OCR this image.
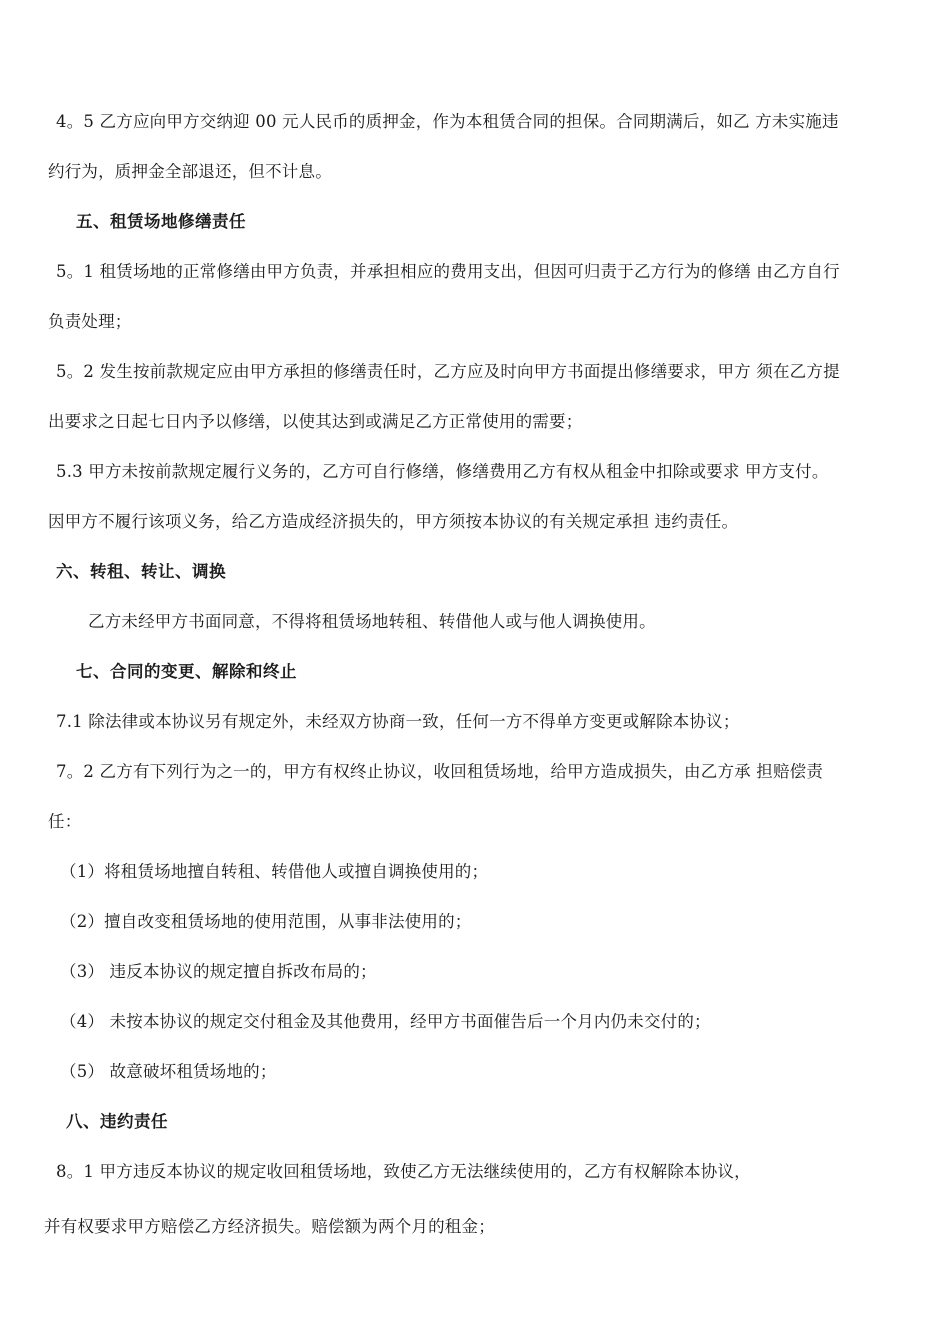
4。5 乙方应向甲方交纳迎 00 元人民币的质押金，作为本租赁合同的担保。合同期满后，如乙 方未实施违
约行为，质押金全部退还，但不计息。
五、租赁场地修缮责任
5。1 租赁场地的正常修缮由甲方负责，并承担相应的费用支出，但因可归责于乙方行为的修缮 由乙方自行
负责处理；
5。2 发生按前款规定应由甲方承担的修缮责任时，乙方应及时向甲方书面提出修缮要求，甲方 须在乙方提
出要求之日起七日内予以修缮，以使其达到或满足乙方正常使用的需要；
5.3 甲方未按前款规定履行义务的，乙方可自行修缮，修缮费用乙方有权从租金中扣除或要求 甲方支付。
因甲方不履行该项义务，给乙方造成经济损失的，甲方须按本协议的有关规定承担 违约责任。
六、转租、转让、调换
乙方未经甲方书面同意，不得将租赁场地转租、转借他人或与他人调换使用。
七、合同的变更、解除和终止
7.1 除法律或本协议另有规定外，未经双方协商一致，任何一方不得单方变更或解除本协议；
7。2 乙方有下列行为之一的，甲方有权终止协议，收回租赁场地，给甲方造成损失，由乙方承 担赔偿责
任：
（1）将租赁场地擅自转租、转借他人或擅自调换使用的；
（2）擅自改变租赁场地的使用范围，从事非法使用的；
（3） 违反本协议的规定擅自拆改布局的；
（4） 未按本协议的规定交付租金及其他费用，经甲方书面催告后一个月内仍未交付的；
（5） 故意破坏租赁场地的；
八、违约责任
8。1 甲方违反本协议的规定收回租赁场地，致使乙方无法继续使用的，乙方有权解除本协议，
并有权要求甲方赔偿乙方经济损失。赔偿额为两个月的租金；
